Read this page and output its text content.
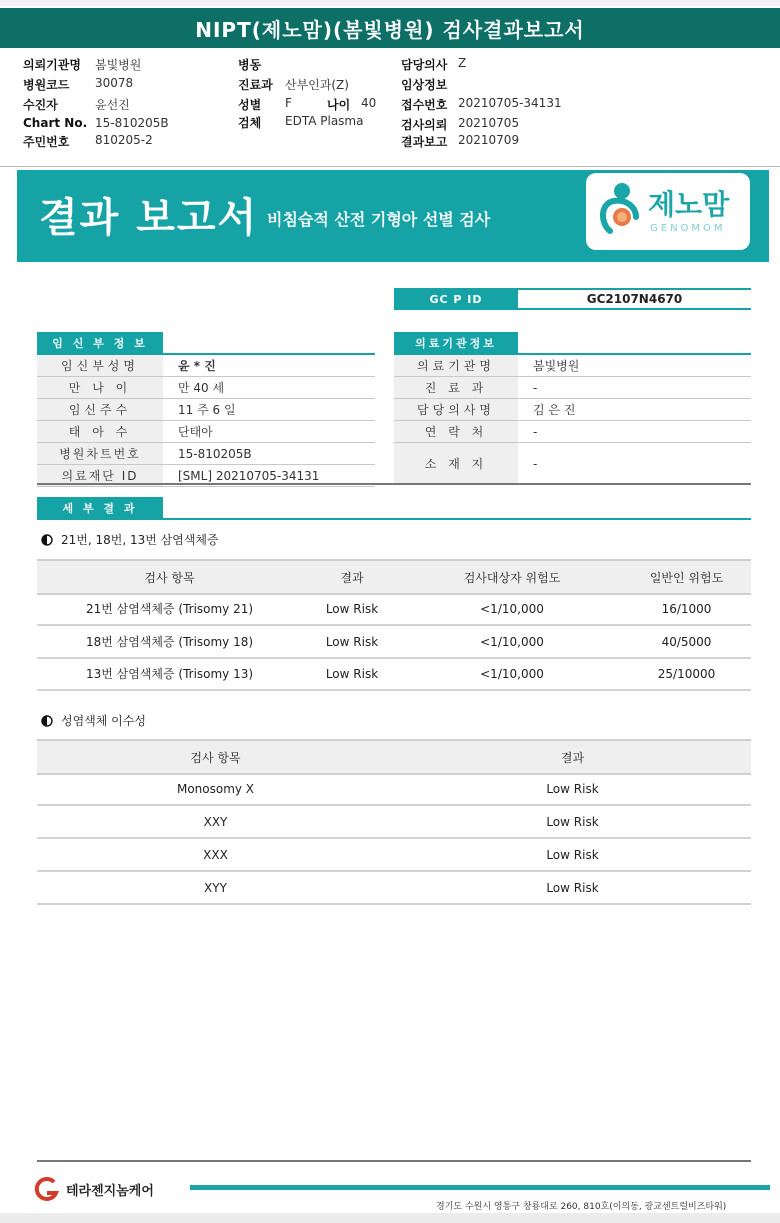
NIPT(제노맘)(봄빛병원) 검사결과보고서
의뢰기관명	봄빛병원
병원코드	30078
수진자	윤선진
Chart No. 15-810205B
주민번호	810205-2
병동
진료과	산부인과(Z)
성별	F	나이 40
검체	EDTA Plasma
담당의사 Z
임상정보
접수번호 20210705-34131
검사의뢰 20210705
결과보고 20210709
결과 보고서 비침습적 산전 기형아 선별 검사	제노맘
GENOMOM
GC P ID	GC2107N4670
임 신 부 정 보
임신부성명	윤 * 진
만 나 이	만 40 세
임신주수	11 주 6 일
태 아 수	단태아
병원차트번호	15-810205B
의료재단 ID	[SML] 20210705-34131
의료기관정보
의료기관명	봄빛병원
진 료 과	-
담당의사명	김 은 진
연 락 처	-
소 재 지	-
세 부 결 과
21번, 18번, 13번 삼염색체증
검사 항목	결과	검사대상자 위험도	일반인 위험도
21번 삼염색체증 (Trisomy 21)	Low Risk	<1/10,000	16/1000
18번 삼염색체증 (Trisomy 18)	Low Risk	<1/10,000	40/5000
13번 삼염색체증 (Trisomy 13)	Low Risk	<1/10,000	25/10000
성염색체 이수성
검사 항목	결과
Monosomy X	Low Risk
XXY	Low Risk
XXX	Low Risk
XYY	Low Risk
테라젠지놈케어
경기도 수원시 영통구 창룡대로 260, 810호(이의동, 광교센트럴비즈타워)
